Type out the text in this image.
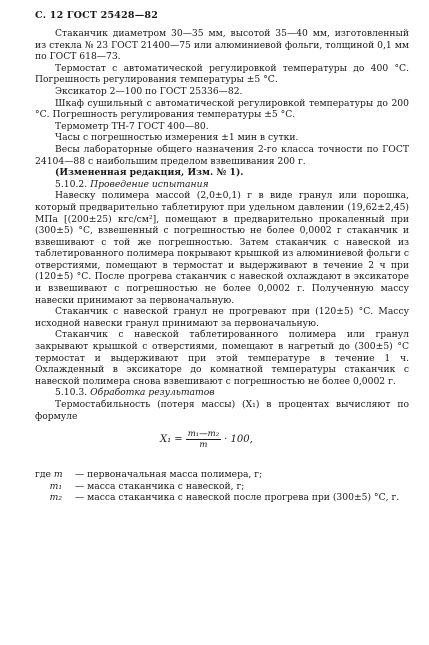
С. 12 ГОСТ 25428—82

Стаканчик диаметром 30—35 мм, высотой 35—40 мм, изготовленный из стекла № 23 ГОСТ 21400—75 или алюминиевой фольги, толщиной 0,1 мм по ГОСТ 618—73.

Термостат с автоматической регулировкой температуры до 400 °С. Погрешность регулирования температуры ±5 °С.

Эксикатор 2—100 по ГОСТ 25336—82.

Шкаф сушильный с автоматической регулировкой температуры до 200 °С. Погрешность регулирования температуры ±5 °С.

Термометр ТН-7 ГОСТ 400—80.

Часы с погрешностью измерения ±1 мин в сутки.

Весы лабораторные общего назначения 2-го класса точности по ГОСТ 24104—88 с наибольшим пределом взвешивания 200 г.

(Измененная редакция, Изм. № 1).

5.10.2. Проведение испытания

Навеску полимера массой (2,0±0,1) г в виде гранул или порошка, который предварительно таблетируют при удельном давлении (19,62±2,45) МПа [(200±25) кгс/см²], помещают в предварительно прокаленный при (300±5) °С, взвешенный с погрешностью не более 0,0002 г стаканчик и взвешивают с той же погрешностью. Затем стаканчик с навеской из таблетированного полимера покрывают крышкой из алюминиевой фольги с отверстиями, помещают в термостат и выдерживают в течение 2 ч при (120±5) °С. После прогрева стаканчик с навеской охлаждают в эксикаторе и взвешивают с погрешностью не более 0,0002 г. Полученную массу навески принимают за первоначальную.

Стаканчик с навеской гранул не прогревают при (120±5) °С. Массу исходной навески гранул принимают за первоначальную.

Стаканчик с навеской таблетированного полимера или гранул закрывают крышкой с отверстиями, помещают в нагретый до (300±5) °С термостат и выдерживают при этой температуре в течение 1 ч. Охлажденный в эксикаторе до комнатной температуры стаканчик с навеской полимера снова взвешивают с погрешностью не более 0,0002 г.

5.10.3. Обработка результатов

Термостабильность (потеря массы) (X₁) в процентах вычисляют по формуле

$X_1 = \frac{\text{m₁—m₂}}{m} \cdot 100$,
где m	— первоначальная масса полимера, г;
m₁	— масса стаканчика с навеской, г;
m₂	— масса стаканчика с навеской после прогрева при (300±5) °С, г.
